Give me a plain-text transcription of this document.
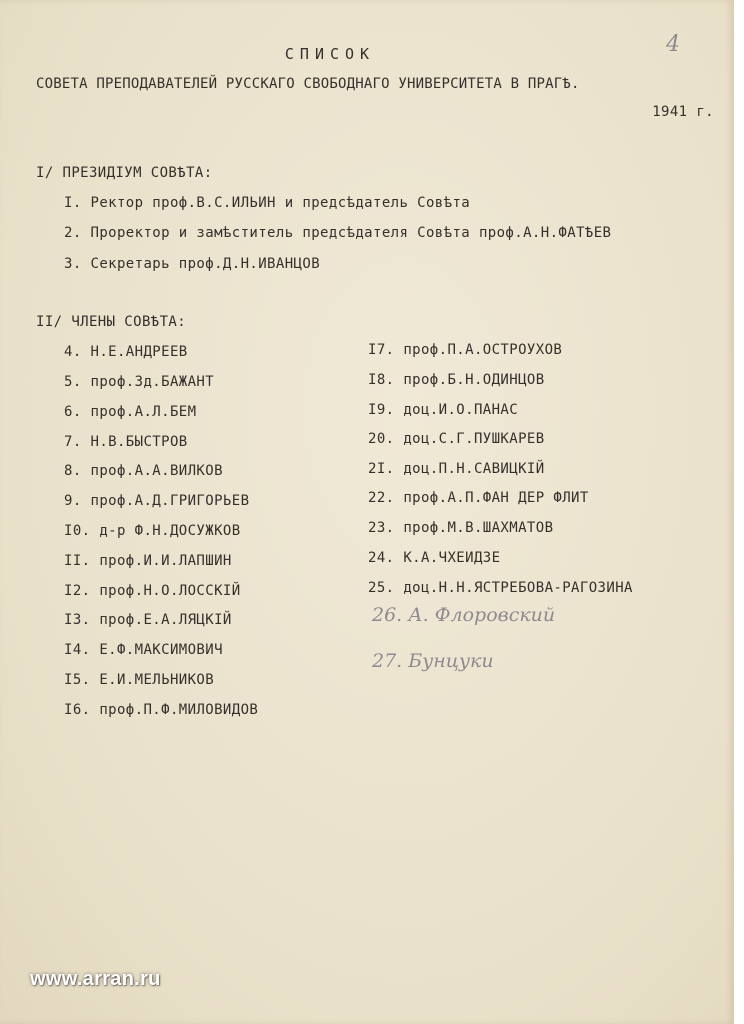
4
СПИСОК
СОВЕТА ПРЕПОДАВАТЕЛЕЙ РУССКАГО СВОБОДНАГО УНИВЕРСИТЕТА В ПРАГѢ.
1941 г.
I/ ПРЕЗИДIУМ СОВѢТА:
I. Ректор проф.В.С.ИЛЬИН и предсѣдатель Совѣта
2. Проректор и замѣститель предсѣдателя Совѣта проф.А.Н.ФАТѢЕВ
3. Секретарь проф.Д.Н.ИВАНЦОВ
II/ ЧЛЕНЫ СОВѢТА:
4. Н.Е.АНДРЕЕВ
5. проф.Зд.БАЖАНТ
6. проф.А.Л.БЕМ
7. Н.В.БЫСТРОВ
8. проф.А.А.ВИЛКОВ
9. проф.А.Д.ГРИГОРЬЕВ
I0. д-р Ф.Н.ДОСУЖКОВ
II. проф.И.И.ЛАПШИН
I2. проф.Н.О.ЛОССКIЙ
I3. проф.Е.А.ЛЯЦКIЙ
I4. Е.Ф.МАКСИМОВИЧ
I5. Е.И.МЕЛЬНИКОВ
I6. проф.П.Ф.МИЛОВИДОВ
I7. проф.П.А.ОСТРОУХОВ
I8. проф.Б.Н.ОДИНЦОВ
I9. доц.И.О.ПАНАС
20. доц.С.Г.ПУШКАРЕВ
2I. доц.П.Н.САВИЦКIЙ
22. проф.А.П.ФАН ДЕР ФЛИТ
23. проф.М.В.ШАХМАТОВ
24. К.А.ЧХЕИДЗЕ
25. доц.Н.Н.ЯСТРЕБОВА-РАГОЗИНА
26. А. Флоровский
27. Бунцуки
www.arran.ru
